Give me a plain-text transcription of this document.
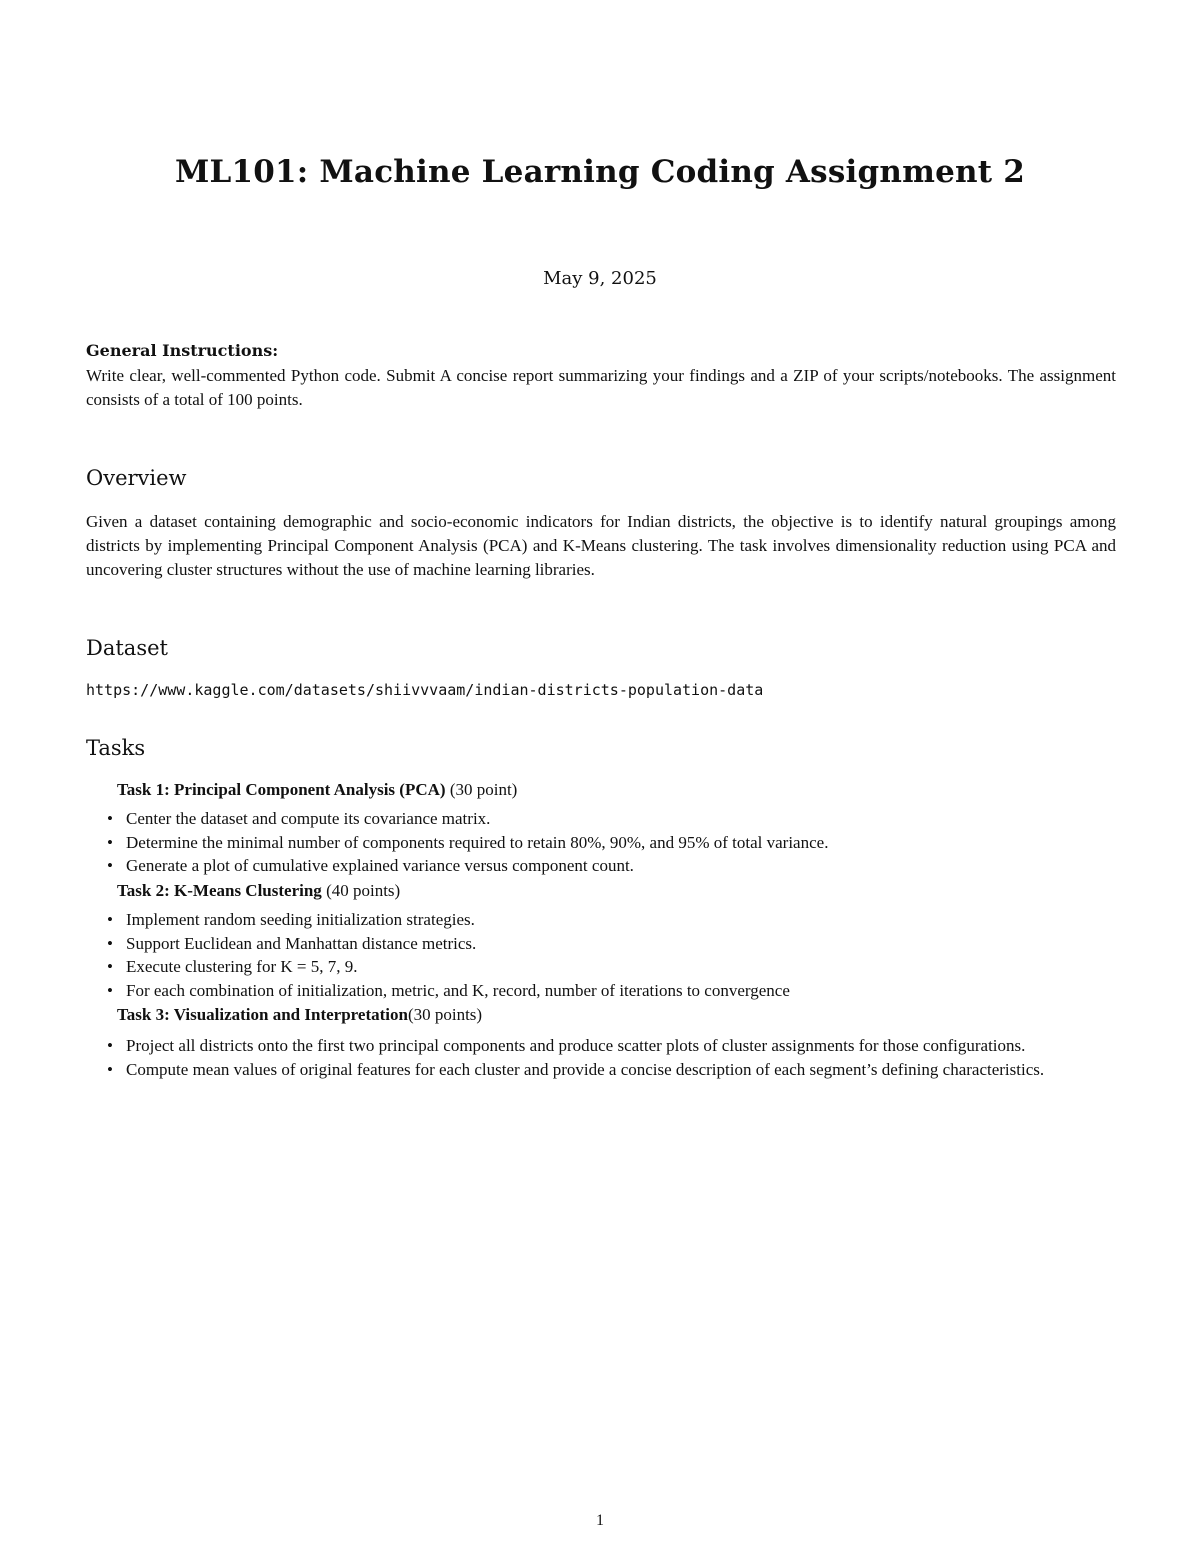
ML101: Machine Learning Coding Assignment 2
May 9, 2025
General Instructions:
Write clear, well-commented Python code. Submit A concise report summarizing your findings and a ZIP of your scripts/notebooks. The assignment consists of a total of 100 points.
Overview
Given a dataset containing demographic and socio-economic indicators for Indian districts, the objective is to identify natural groupings among districts by implementing Principal Component Analysis (PCA) and K-Means clustering. The task involves dimensionality reduction using PCA and uncovering cluster structures without the use of machine learning libraries.
Dataset
https://www.kaggle.com/datasets/shiivvvaam/indian-districts-population-data
Tasks
Task 1: Principal Component Analysis (PCA) (30 point)
• Center the dataset and compute its covariance matrix.
• Determine the minimal number of components required to retain 80%, 90%, and 95% of total variance.
• Generate a plot of cumulative explained variance versus component count.
Task 2: K-Means Clustering (40 points)
• Implement random seeding initialization strategies.
• Support Euclidean and Manhattan distance metrics.
• Execute clustering for K = 5, 7, 9.
• For each combination of initialization, metric, and K, record, number of iterations to convergence
Task 3: Visualization and Interpretation(30 points)
• Project all districts onto the first two principal components and produce scatter plots of cluster assignments for those configurations.
• Compute mean values of original features for each cluster and provide a concise description of each segment’s defining characteristics.
1
